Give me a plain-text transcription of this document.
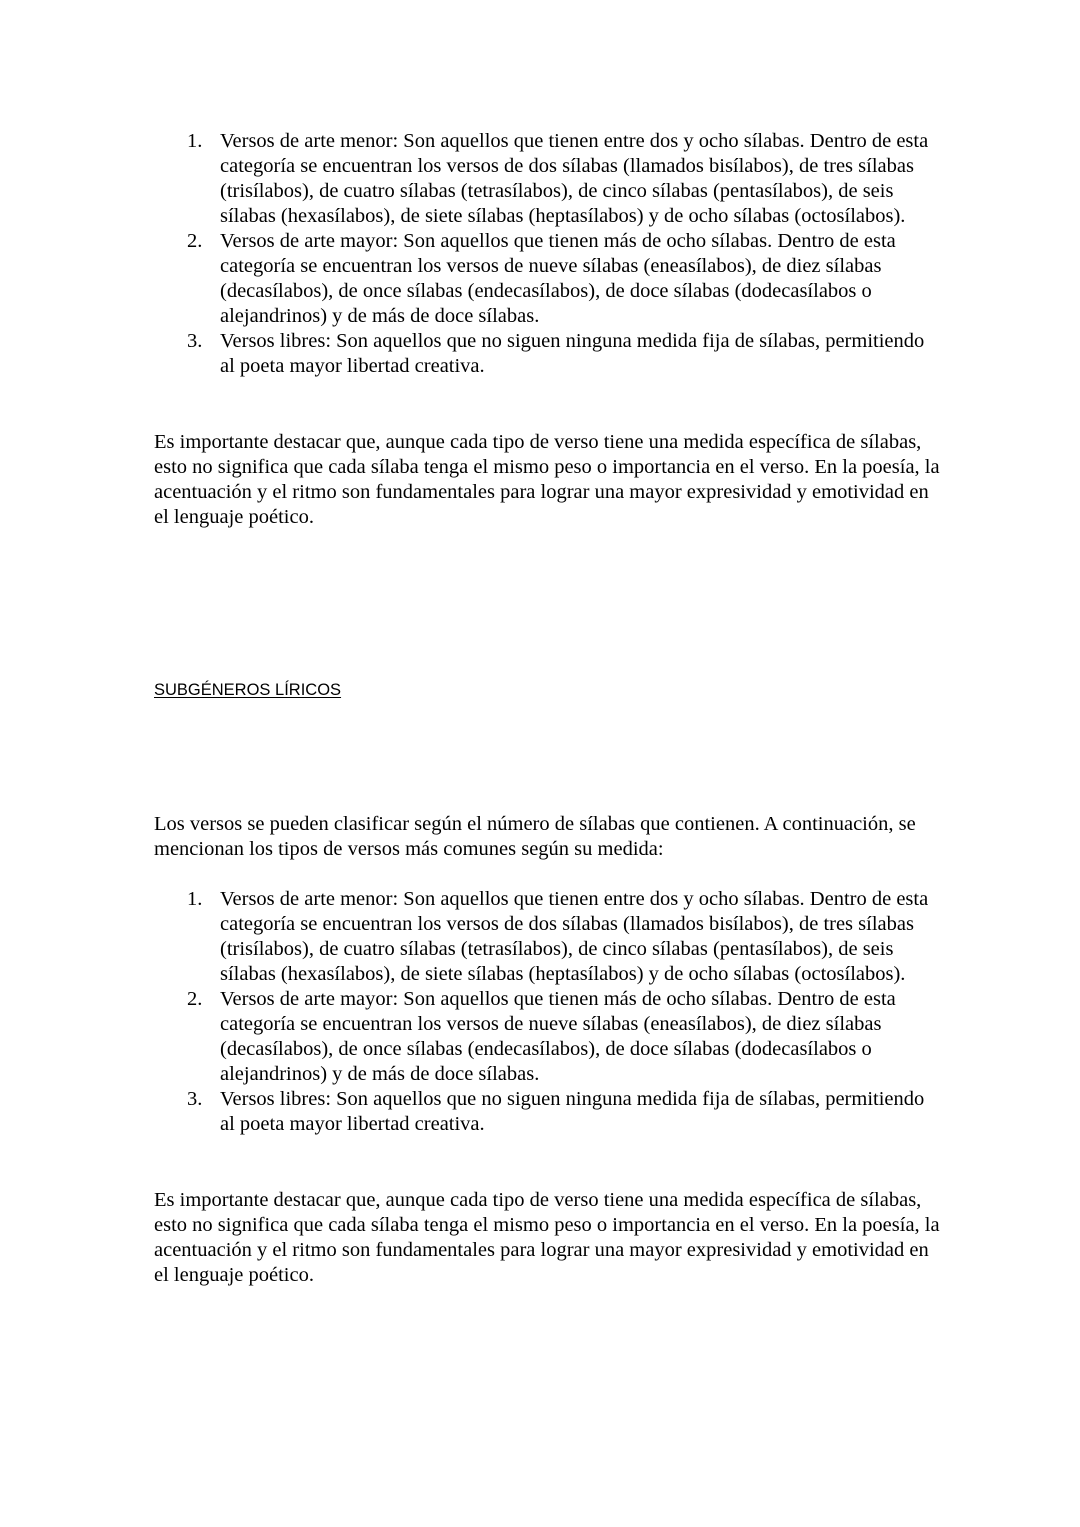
1. Versos de arte menor: Son aquellos que tienen entre dos y ocho sílabas. Dentro de esta categoría se encuentran los versos de dos sílabas (llamados bisílabos), de tres sílabas (trisílabos), de cuatro sílabas (tetrasílabos), de cinco sílabas (pentasílabos), de seis sílabas (hexasílabos), de siete sílabas (heptasílabos) y de ocho sílabas (octosílabos).
2. Versos de arte mayor: Son aquellos que tienen más de ocho sílabas. Dentro de esta categoría se encuentran los versos de nueve sílabas (eneasílabos), de diez sílabas (decasílabos), de once sílabas (endecasílabos), de doce sílabas (dodecasílabos o alejandrinos) y de más de doce sílabas.
3. Versos libres: Son aquellos que no siguen ninguna medida fija de sílabas, permitiendo al poeta mayor libertad creativa.

Es importante destacar que, aunque cada tipo de verso tiene una medida específica de sílabas, esto no significa que cada sílaba tenga el mismo peso o importancia en el verso. En la poesía, la acentuación y el ritmo son fundamentales para lograr una mayor expresividad y emotividad en el lenguaje poético.

SUBGÉNEROS LÍRICOS

Los versos se pueden clasificar según el número de sílabas que contienen. A continuación, se mencionan los tipos de versos más comunes según su medida:

1. Versos de arte menor: Son aquellos que tienen entre dos y ocho sílabas. Dentro de esta categoría se encuentran los versos de dos sílabas (llamados bisílabos), de tres sílabas (trisílabos), de cuatro sílabas (tetrasílabos), de cinco sílabas (pentasílabos), de seis sílabas (hexasílabos), de siete sílabas (heptasílabos) y de ocho sílabas (octosílabos).
2. Versos de arte mayor: Son aquellos que tienen más de ocho sílabas. Dentro de esta categoría se encuentran los versos de nueve sílabas (eneasílabos), de diez sílabas (decasílabos), de once sílabas (endecasílabos), de doce sílabas (dodecasílabos o alejandrinos) y de más de doce sílabas.
3. Versos libres: Son aquellos que no siguen ninguna medida fija de sílabas, permitiendo al poeta mayor libertad creativa.

Es importante destacar que, aunque cada tipo de verso tiene una medida específica de sílabas, esto no significa que cada sílaba tenga el mismo peso o importancia en el verso. En la poesía, la acentuación y el ritmo son fundamentales para lograr una mayor expresividad y emotividad en el lenguaje poético.
